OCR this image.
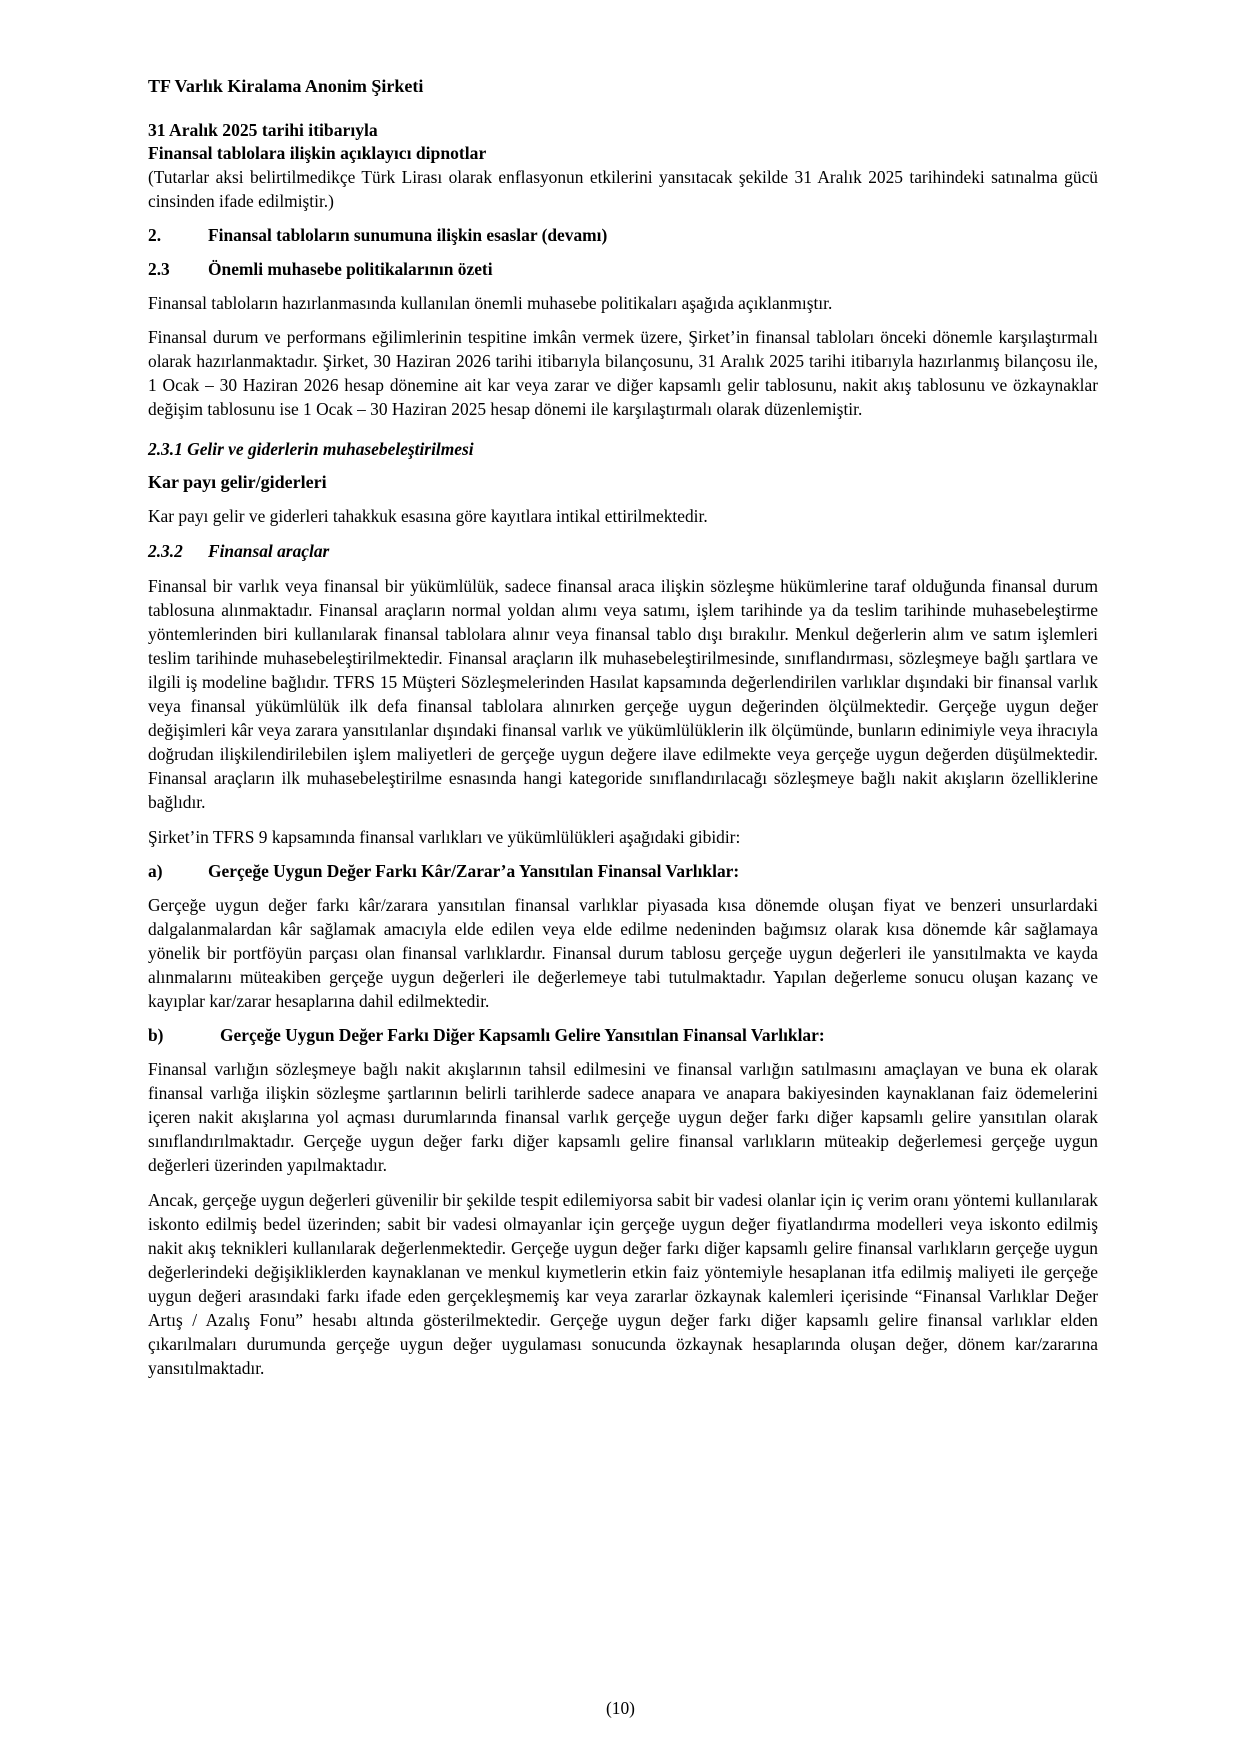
TF Varlık Kiralama Anonim Şirketi
31 Aralık 2025 tarihi itibarıyla
Finansal tablolara ilişkin açıklayıcı dipnotlar
(Tutarlar aksi belirtilmedikçe Türk Lirası olarak enflasyonun etkilerini yansıtacak şekilde 31 Aralık 2025 tarihindeki satınalma gücü cinsinden ifade edilmiştir.)
2.	Finansal tabloların sunumuna ilişkin esaslar (devamı)
2.3	Önemli muhasebe politikalarının özeti

Finansal tabloların hazırlanmasında kullanılan önemli muhasebe politikaları aşağıda açıklanmıştır.

Finansal durum ve performans eğilimlerinin tespitine imkân vermek üzere, Şirket’in finansal tabloları önceki dönemle karşılaştırmalı olarak hazırlanmaktadır. Şirket, 30 Haziran 2026 tarihi itibarıyla bilançosunu, 31 Aralık 2025 tarihi itibarıyla hazırlanmış bilançosu ile, 1 Ocak – 30 Haziran 2026 hesap dönemine ait kar veya zarar ve diğer kapsamlı gelir tablosunu, nakit akış tablosunu ve özkaynaklar değişim tablosunu ise 1 Ocak – 30 Haziran 2025 hesap dönemi ile karşılaştırmalı olarak düzenlemiştir.

2.3.1 Gelir ve giderlerin muhasebeleştirilmesi
Kar payı gelir/giderleri

Kar payı gelir ve giderleri tahakkuk esasına göre kayıtlara intikal ettirilmektedir.

2.3.2 Finansal araçlar

Finansal bir varlık veya finansal bir yükümlülük, sadece finansal araca ilişkin sözleşme hükümlerine taraf olduğunda finansal durum tablosuna alınmaktadır. Finansal araçların normal yoldan alımı veya satımı, işlem tarihinde ya da teslim tarihinde muhasebeleştirme yöntemlerinden biri kullanılarak finansal tablolara alınır veya finansal tablo dışı bırakılır. Menkul değerlerin alım ve satım işlemleri teslim tarihinde muhasebeleştirilmektedir. Finansal araçların ilk muhasebeleştirilmesinde, sınıflandırması, sözleşmeye bağlı şartlara ve ilgili iş modeline bağlıdır. TFRS 15 Müşteri Sözleşmelerinden Hasılat kapsamında değerlendirilen varlıklar dışındaki bir finansal varlık veya finansal yükümlülük ilk defa finansal tablolara alınırken gerçeğe uygun değerinden ölçülmektedir. Gerçeğe uygun değer değişimleri kâr veya zarara yansıtılanlar dışındaki finansal varlık ve yükümlülüklerin ilk ölçümünde, bunların edinimiyle veya ihracıyla doğrudan ilişkilendirilebilen işlem maliyetleri de gerçeğe uygun değere ilave edilmekte veya gerçeğe uygun değerden düşülmektedir. Finansal araçların ilk muhasebeleştirilme esnasında hangi kategoride sınıflandırılacağı sözleşmeye bağlı nakit akışların özelliklerine bağlıdır.

Şirket’in TFRS 9 kapsamında finansal varlıkları ve yükümlülükleri aşağıdaki gibidir:

a)	Gerçeğe Uygun Değer Farkı Kâr/Zarar’a Yansıtılan Finansal Varlıklar:

Gerçeğe uygun değer farkı kâr/zarara yansıtılan finansal varlıklar piyasada kısa dönemde oluşan fiyat ve benzeri unsurlardaki dalgalanmalardan kâr sağlamak amacıyla elde edilen veya elde edilme nedeninden bağımsız olarak kısa dönemde kâr sağlamaya yönelik bir portföyün parçası olan finansal varlıklardır. Finansal durum tablosu gerçeğe uygun değerleri ile yansıtılmakta ve kayda alınmalarını müteakiben gerçeğe uygun değerleri ile değerlemeye tabi tutulmaktadır. Yapılan değerleme sonucu oluşan kazanç ve kayıplar kar/zarar hesaplarına dahil edilmektedir.

b)	Gerçeğe Uygun Değer Farkı Diğer Kapsamlı Gelire Yansıtılan Finansal Varlıklar:

Finansal varlığın sözleşmeye bağlı nakit akışlarının tahsil edilmesini ve finansal varlığın satılmasını amaçlayan ve buna ek olarak finansal varlığa ilişkin sözleşme şartlarının belirli tarihlerde sadece anapara ve anapara bakiyesinden kaynaklanan faiz ödemelerini içeren nakit akışlarına yol açması durumlarında finansal varlık gerçeğe uygun değer farkı diğer kapsamlı gelire yansıtılan olarak sınıflandırılmaktadır. Gerçeğe uygun değer farkı diğer kapsamlı gelire finansal varlıkların müteakip değerlemesi gerçeğe uygun değerleri üzerinden yapılmaktadır.

Ancak, gerçeğe uygun değerleri güvenilir bir şekilde tespit edilemiyorsa sabit bir vadesi olanlar için iç verim oranı yöntemi kullanılarak iskonto edilmiş bedel üzerinden; sabit bir vadesi olmayanlar için gerçeğe uygun değer fiyatlandırma modelleri veya iskonto edilmiş nakit akış teknikleri kullanılarak değerlenmektedir. Gerçeğe uygun değer farkı diğer kapsamlı gelire finansal varlıkların gerçeğe uygun değerlerindeki değişikliklerden kaynaklanan ve menkul kıymetlerin etkin faiz yöntemiyle hesaplanan itfa edilmiş maliyeti ile gerçeğe uygun değeri arasındaki farkı ifade eden gerçekleşmemiş kar veya zararlar özkaynak kalemleri içerisinde “Finansal Varlıklar Değer Artış / Azalış Fonu” hesabı altında gösterilmektedir. Gerçeğe uygun değer farkı diğer kapsamlı gelire finansal varlıklar elden çıkarılmaları durumunda gerçeğe uygun değer uygulaması sonucunda özkaynak hesaplarında oluşan değer, dönem kar/zararına yansıtılmaktadır.

(10)
